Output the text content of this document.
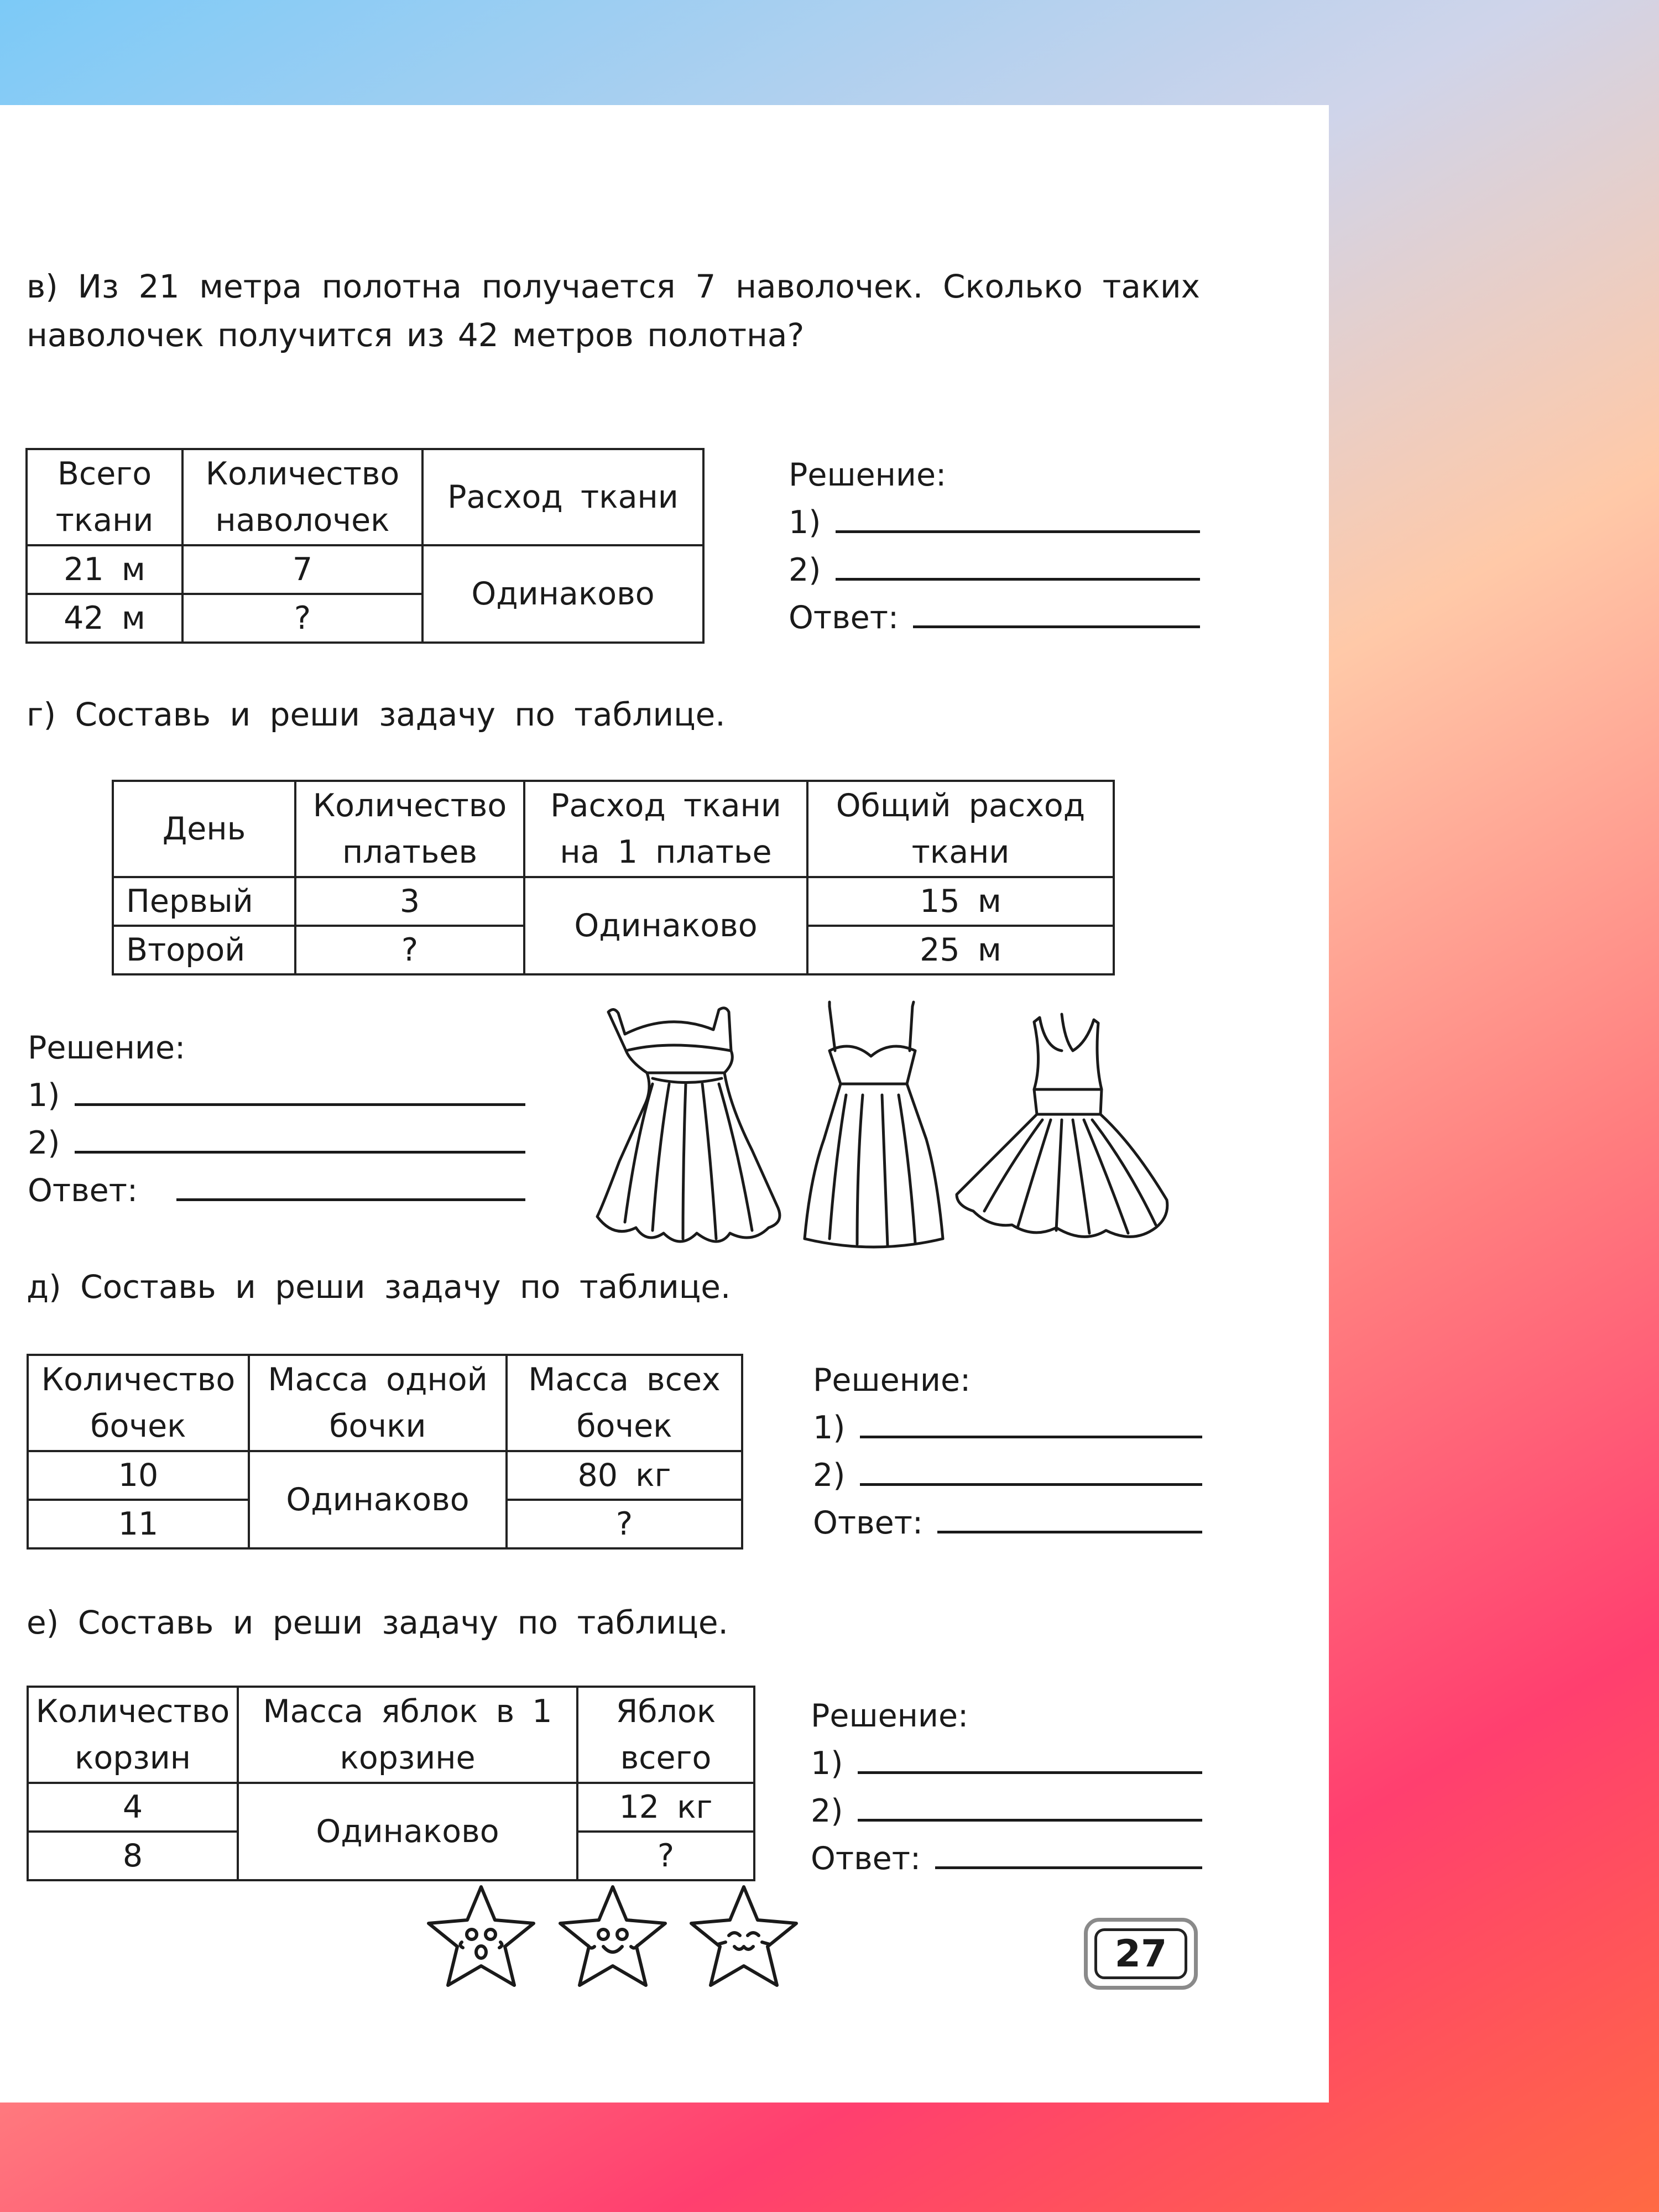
в) Из 21 метра полотна получается 7 наволочек. Сколько таких наволочек получится из 42 метров полотна?
Всего ткани	Количество наволочек	Расход ткани
21 м	7	Одинаково
42 м	?	
Решение:
1)
2)
Ответ:
г) Составь и реши задачу по таблице.
День	Количество платьев	Расход ткани на 1 платье	Общий расход ткани
Первый	3	Одинаково	15 м
Второй	?		25 м
Решение:
1)
2)
Ответ:
д) Составь и реши задачу по таблице.
Количество бочек	Масса одной бочки	Масса всех бочек
10	Одинаково	80 кг
11		?
Решение:
1)
2)
Ответ:
е) Составь и реши задачу по таблице.
Количество корзин	Масса яблок в 1 корзине	Яблок всего
4	Одинаково	12 кг
8		?
Решение:
1)
2)
Ответ:
27
